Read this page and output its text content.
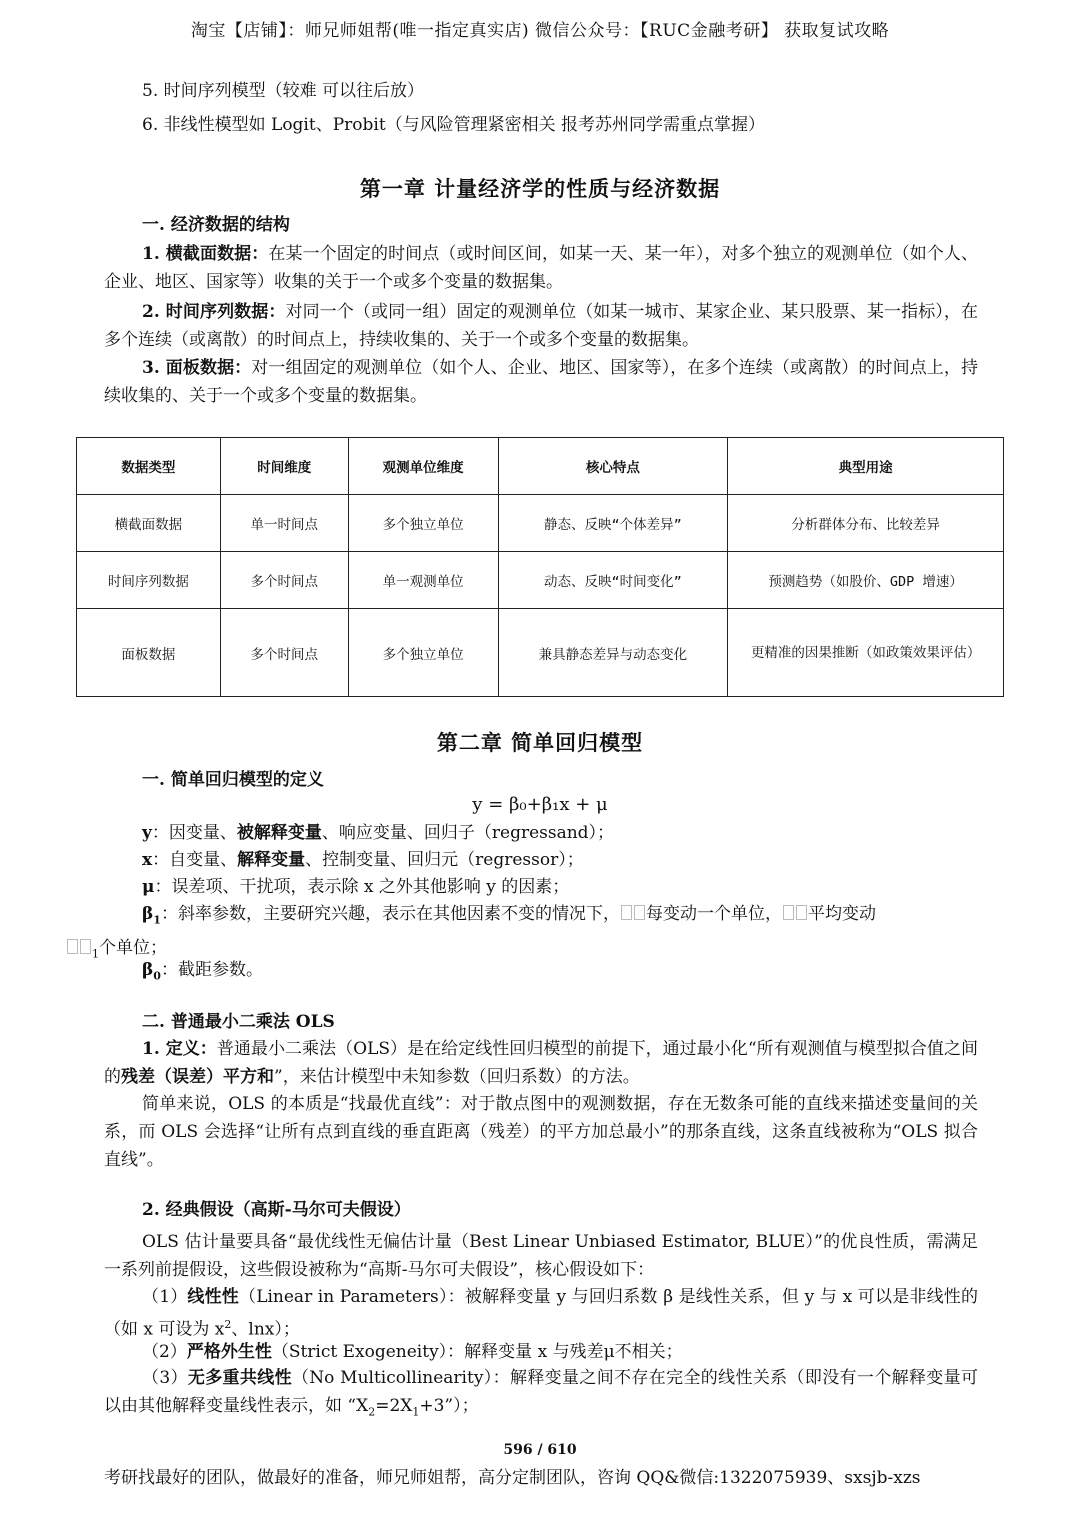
淘宝【店铺】：师兄师姐帮(唯一指定真实店) 微信公众号：【RUC金融考研】 获取复试攻略
5. 时间序列模型（较难 可以往后放）
6. 非线性模型如 Logit、Probit（与风险管理紧密相关 报考苏州同学需重点掌握）
第一章 计量经济学的性质与经济数据
一. 经济数据的结构
1. 横截面数据：在某一个固定的时间点（或时间区间，如某一天、某一年），对多个独立的观测单位（如个人、企业、地区、国家等）收集的关于一个或多个变量的数据集。
2. 时间序列数据：对同一个（或同一组）固定的观测单位（如某一城市、某家企业、某只股票、某一指标），在多个连续（或离散）的时间点上，持续收集的、关于一个或多个变量的数据集。
3. 面板数据：对一组固定的观测单位（如个人、企业、地区、国家等），在多个连续（或离散）的时间点上，持续收集的、关于一个或多个变量的数据集。
数据类型	时间维度	观测单位维度	核心特点	典型用途
横截面数据	单一时间点	多个独立单位	静态、反映“个体差异”	分析群体分布、比较差异
时间序列数据	多个时间点	单一观测单位	动态、反映“时间变化”	预测趋势（如股价、GDP 增速）
面板数据	多个时间点	多个独立单位	兼具静态差异与动态变化	更精准的因果推断（如政策效果评估）
第二章 简单回归模型
一. 简单回归模型的定义
y = β₀+β₁x + μ
y：因变量、被解释变量、响应变量、回归子（regressand）；
x：自变量、解释变量、控制变量、回归元（regressor）；
μ：误差项、干扰项，表示除 x 之外其他影响 y 的因素；
$\beta_1$：斜率参数，主要研究兴趣，表示在其他因素不变的情况下， 每变动一个单位， 平均变动
$_1$个单位；
$\beta_0$：截距参数。
二. 普通最小二乘法 OLS
1. 定义：普通最小二乘法（OLS）是在给定线性回归模型的前提下，通过最小化“所有观测值与模型拟合值之间的残差（误差）平方和”，来估计模型中未知参数（回归系数）的方法。
简单来说，OLS 的本质是“找最优直线”：对于散点图中的观测数据，存在无数条可能的直线来描述变量间的关系，而 OLS 会选择“让所有点到直线的垂直距离（残差）的平方加总最小”的那条直线，这条直线被称为“OLS 拟合直线”。
2. 经典假设（高斯-马尔可夫假设）
OLS 估计量要具备“最优线性无偏估计量（Best Linear Unbiased Estimator, BLUE）”的优良性质，需满足一系列前提假设，这些假设被称为“高斯-马尔可夫假设”，核心假设如下：
（1）线性性（Linear in Parameters）：被解释变量 y 与回归系数 β 是线性关系，但 y 与 x 可以是非线性的（如 x 可设为 $x^2$、lnx）；
（2）严格外生性（Strict Exogeneity）：解释变量 x 与残差μ不相关；
（3）无多重共线性（No Multicollinearity）：解释变量之间不存在完全的线性关系（即没有一个解释变量可以由其他解释变量线性表示，如 “$X_2=2X_1+3$”）；
596 / 610
考研找最好的团队，做最好的准备，师兄师姐帮，高分定制团队，咨询 QQ&微信:1322075939、sxsjb-xzs
